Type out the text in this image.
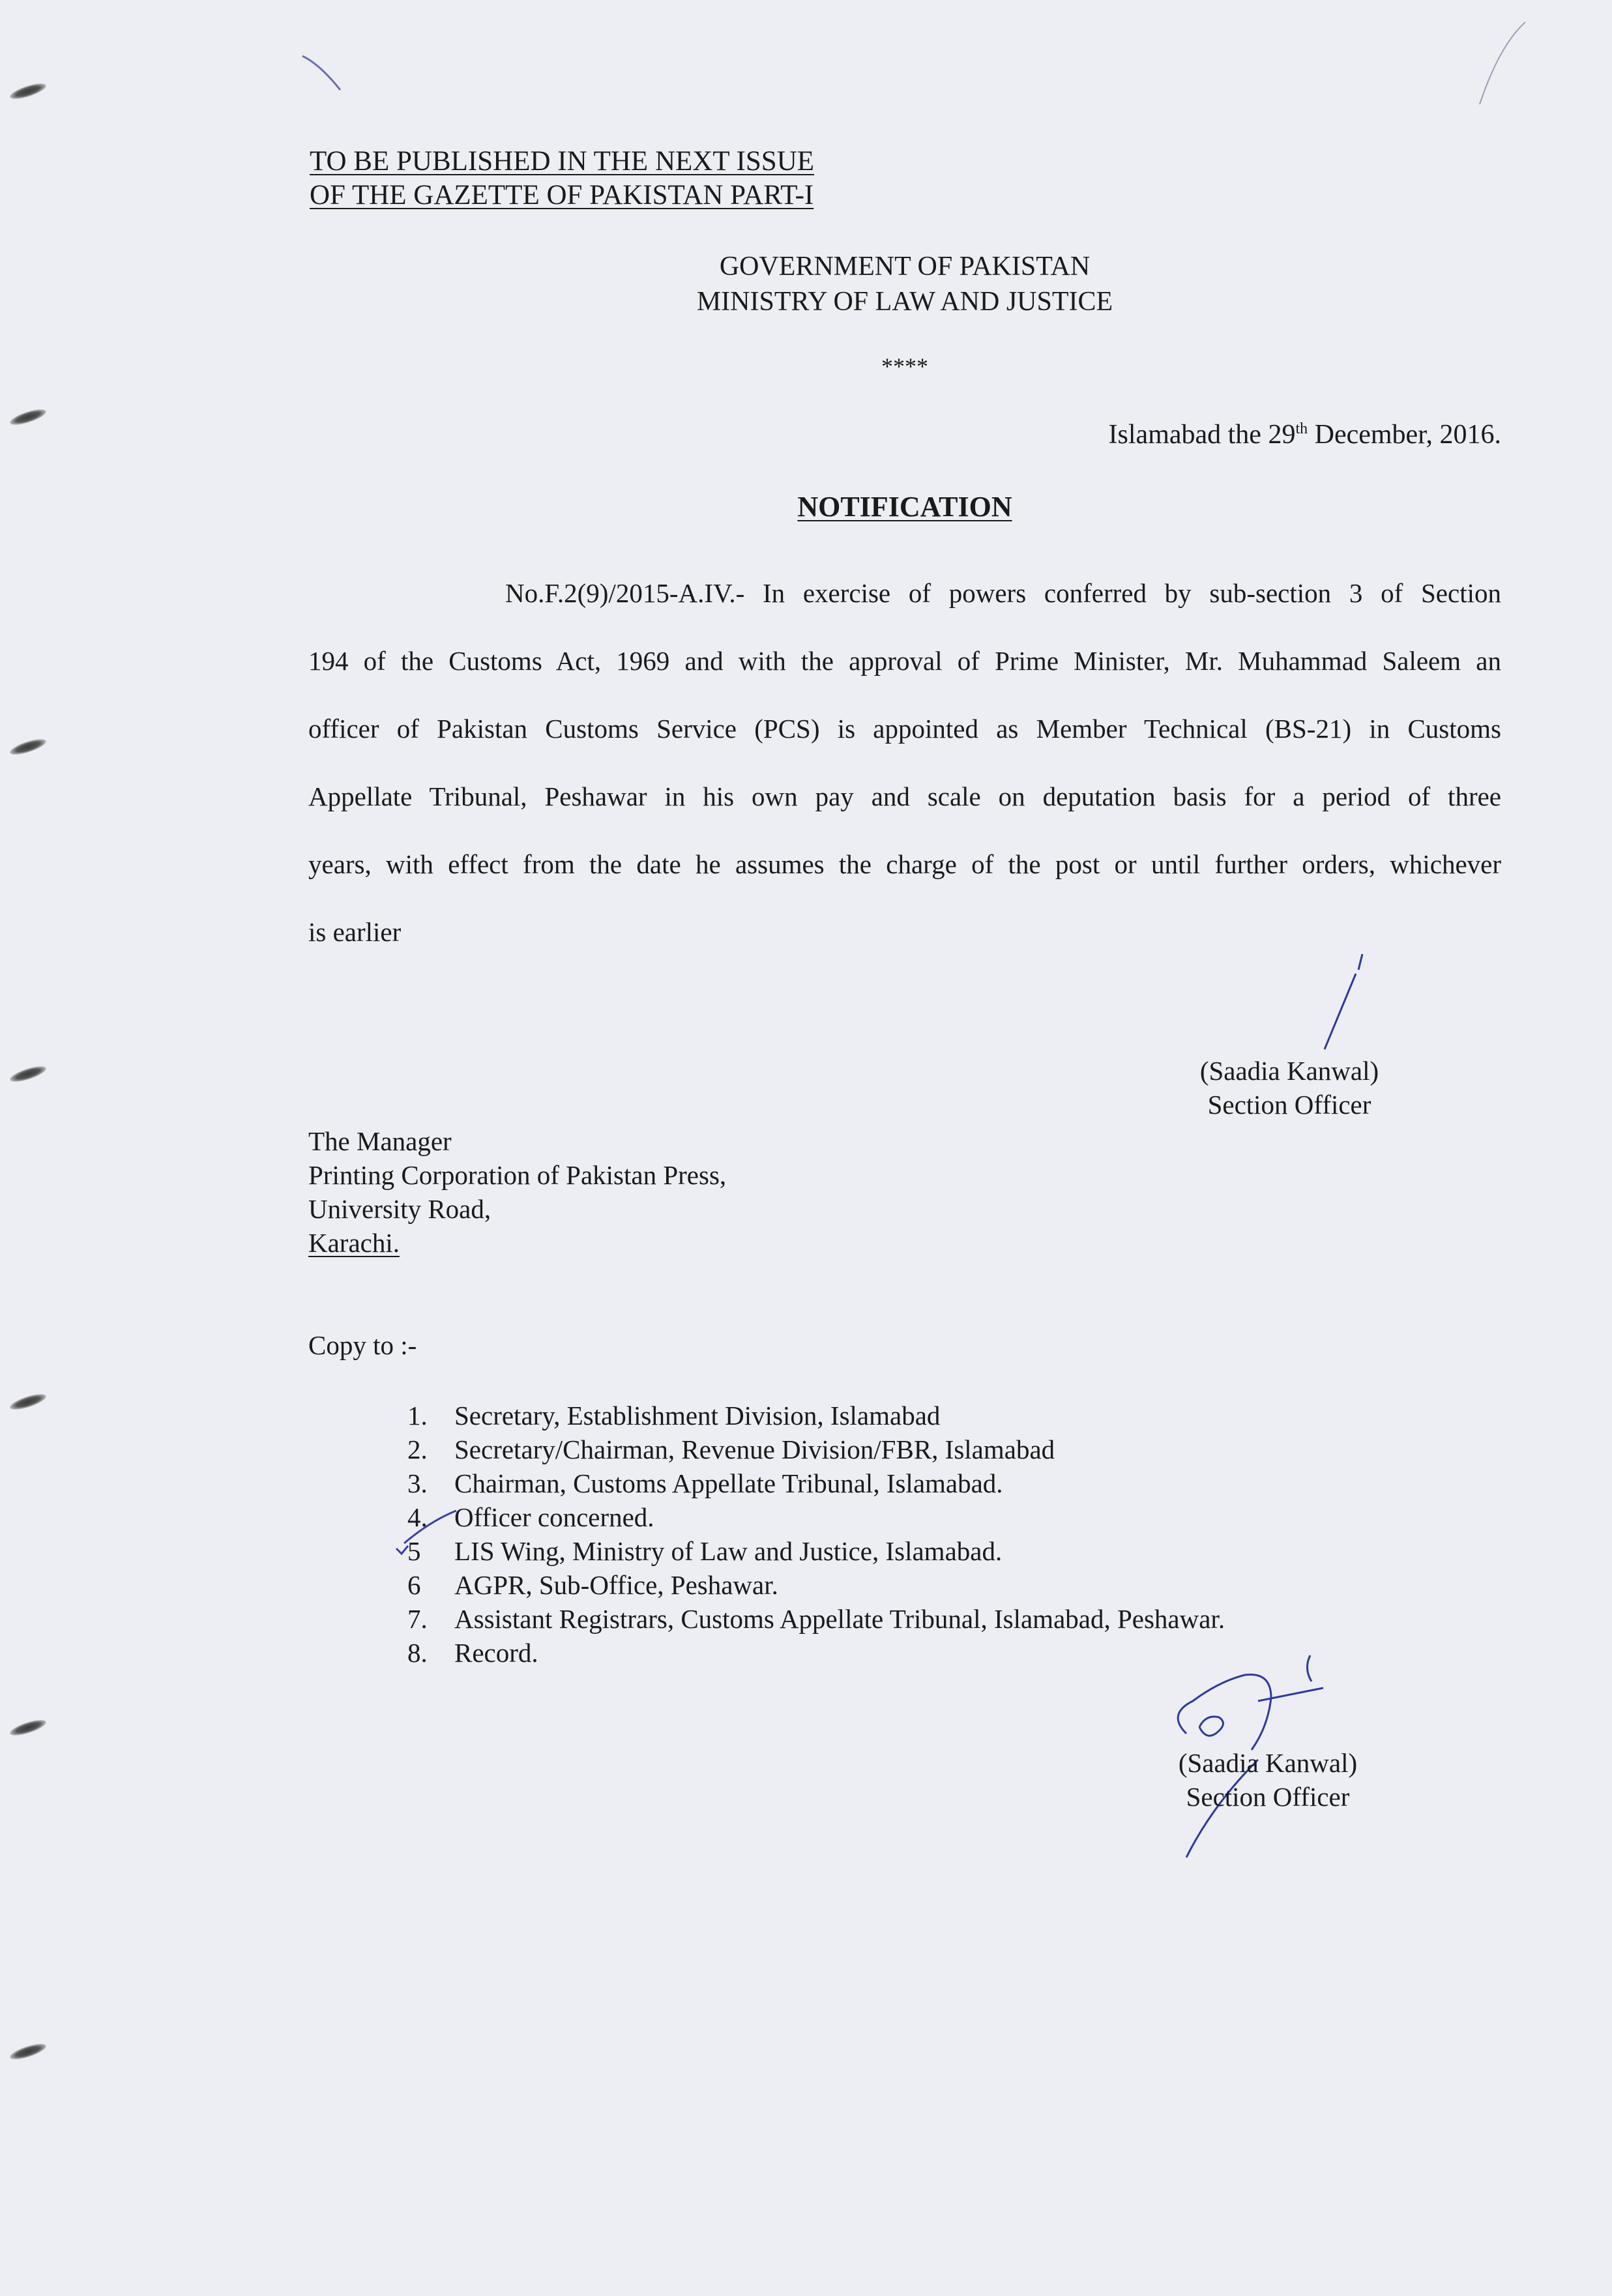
TO BE PUBLISHED IN THE NEXT ISSUE
OF THE GAZETTE OF PAKISTAN PART-I
GOVERNMENT OF PAKISTAN
MINISTRY OF LAW AND JUSTICE
****
Islamabad the 29th December, 2016.
NOTIFICATION
No.F.2(9)/2015-A.IV.- In exercise of powers conferred by sub-section 3 of Section
194 of the Customs Act, 1969 and with the approval of Prime Minister, Mr. Muhammad Saleem an
officer of Pakistan Customs Service (PCS) is appointed as Member Technical (BS-21) in Customs
Appellate Tribunal, Peshawar in his own pay and scale on deputation basis for a period of three
years, with effect from the date he assumes the charge of the post or until further orders, whichever
is earlier
(Saadia Kanwal)
Section Officer
The Manager
Printing Corporation of Pakistan Press,
University Road,
Karachi.
Copy to :-
1. Secretary, Establishment Division, Islamabad
2. Secretary/Chairman, Revenue Division/FBR, Islamabad
3. Chairman, Customs Appellate Tribunal, Islamabad.
4. Officer concerned.
5 LIS Wing, Ministry of Law and Justice, Islamabad.
6 AGPR, Sub-Office, Peshawar.
7. Assistant Registrars, Customs Appellate Tribunal, Islamabad, Peshawar.
8. Record.
(Saadia Kanwal)
Section Officer
